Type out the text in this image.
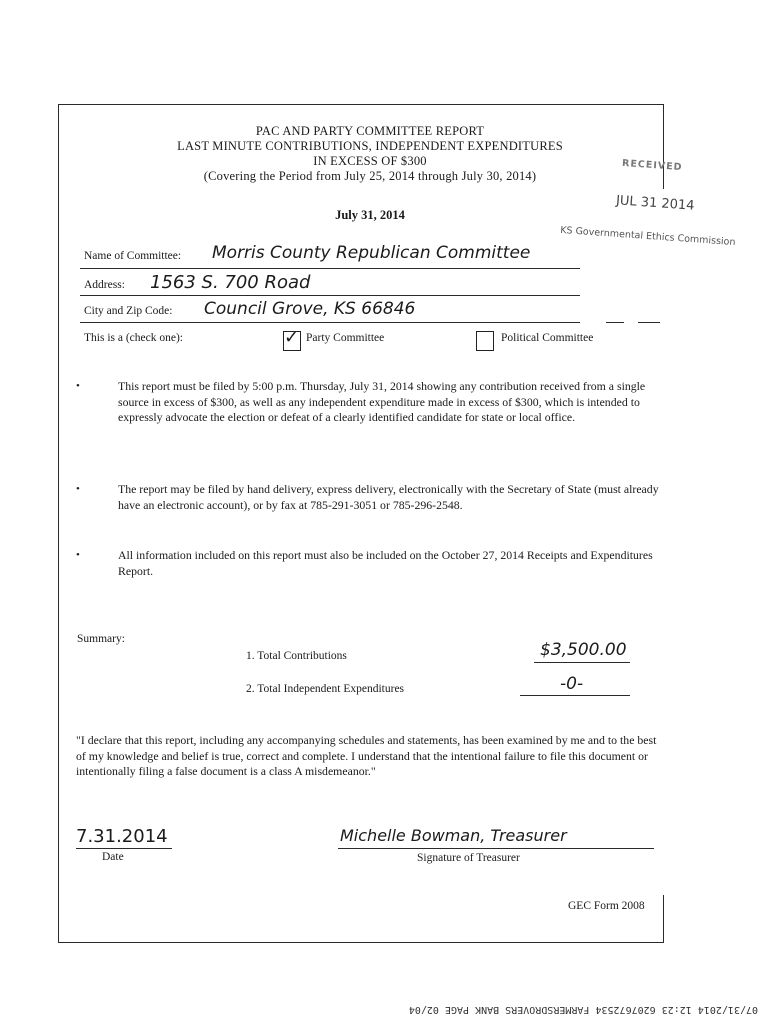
PAC AND PARTY COMMITTEE REPORT
LAST MINUTE CONTRIBUTIONS, INDEPENDENT EXPENDITURES
IN EXCESS OF $300
(Covering the Period from July 25, 2014 through July 30, 2014)
July 31, 2014
RECEIVED
JUL 31 2014
KS Governmental Ethics Commission
Name of Committee: Morris County Republican Committee
Address: 1563 S. 700 Road
City and Zip Code: Council Grove, KS 66846
This is a (check one):	✓ Party Committee	Political Committee
•	This report must be filed by 5:00 p.m. Thursday, July 31, 2014 showing any contribution received from a single source in excess of $300, as well as any independent expenditure made in excess of $300, which is intended to expressly advocate the election or defeat of a clearly identified candidate for state or local office.
•	The report may be filed by hand delivery, express delivery, electronically with the Secretary of State (must already have an electronic account), or by fax at 785-291-3051 or 785-296-2548.
•	All information included on this report must also be included on the October 27, 2014 Receipts and Expenditures Report.
Summary:
1. Total Contributions	$3,500.00
2. Total Independent Expenditures	-0-
"I declare that this report, including any accompanying schedules and statements, has been examined by me and to the best of my knowledge and belief is true, correct and complete. I understand that the intentional failure to file this document or intentionally filing a false document is a class A misdemeanor."
7.31.2014
Date
Michelle Bowman, Treasurer
Signature of Treasurer
GEC Form 2008
07/31/2014 12:23 6207672534 FARMERSDROVERS BANK PAGE 02/04
